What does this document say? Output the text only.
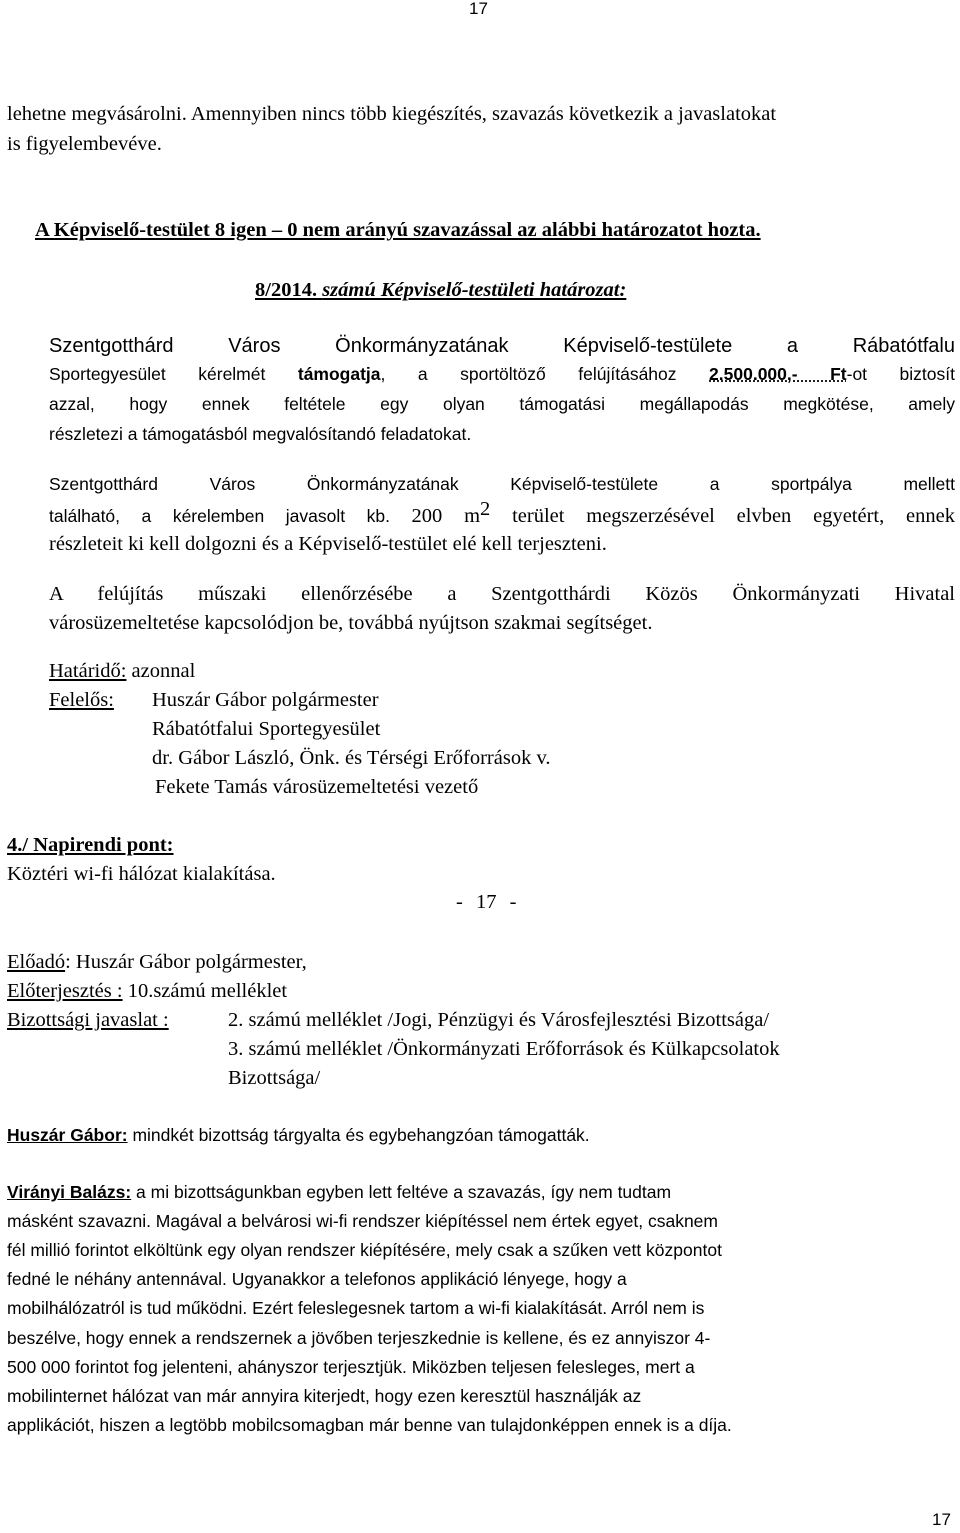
17
lehetne megvásárolni. Amennyiben nincs több kiegészítés, szavazás következik a javaslatokat
is figyelembevéve.
A Képviselő-testület 8 igen – 0 nem arányú szavazással az alábbi határozatot hozta.
8/2014. számú Képviselő-testületi határozat:
Szentgotthárd Város Önkormányzatának Képviselő-testülete a Rábatótfalu
Sportegyesület kérelmét támogatja, a sportöltöző felújításához 2.500.000,- Ft-ot biztosít
azzal, hogy ennek feltétele egy olyan támogatási megállapodás megkötése, amely
részletezi a támogatásból megvalósítandó feladatokat.
Szentgotthárd Város Önkormányzatának Képviselő-testülete a sportpálya mellett
található, a kérelemben javasolt kb. 200 $m^2$ terület megszerzésével elvben egyetért, ennek
részleteit ki kell dolgozni és a Képviselő-testület elé kell terjeszteni.
A felújítás műszaki ellenőrzésébe a Szentgotthárdi Közös Önkormányzati Hivatal
városüzemeltetése kapcsolódjon be, továbbá nyújtson szakmai segítséget.
Határidő: azonnal
Felelős: Huszár Gábor polgármester
Rábatótfalui Sportegyesület
dr. Gábor László, Önk. és Térségi Erőforrások v.
Fekete Tamás városüzemeltetési vezető
4./ Napirendi pont:
Köztéri wi-fi hálózat kialakítása.
- 17 -
Előadó: Huszár Gábor polgármester,
Előterjesztés : 10.számú melléklet
Bizottsági javaslat :	2. számú melléklet /Jogi, Pénzügyi és Városfejlesztési Bizottsága/
3. számú melléklet /Önkormányzati Erőforrások és Külkapcsolatok
Bizottsága/
Huszár Gábor: mindkét bizottság tárgyalta és egybehangzóan támogatták.
Virányi Balázs: a mi bizottságunkban egyben lett feltéve a szavazás, így nem tudtam
másként szavazni. Magával a belvárosi wi-fi rendszer kiépítéssel nem értek egyet, csaknem
fél millió forintot elköltünk egy olyan rendszer kiépítésére, mely csak a szűken vett központot
fedné le néhány antennával. Ugyanakkor a telefonos applikáció lényege, hogy a
mobilhálózatról is tud működni. Ezért feleslegesnek tartom a wi-fi kialakítását. Arról nem is
beszélve, hogy ennek a rendszernek a jövőben terjeszkednie is kellene, és ez annyiszor 4-
500 000 forintot fog jelenteni, ahányszor terjesztjük. Miközben teljesen felesleges, mert a
mobilinternet hálózat van már annyira kiterjedt, hogy ezen keresztül használják az
applikációt, hiszen a legtöbb mobilcsomagban már benne van tulajdonképpen ennek is a díja.
17
